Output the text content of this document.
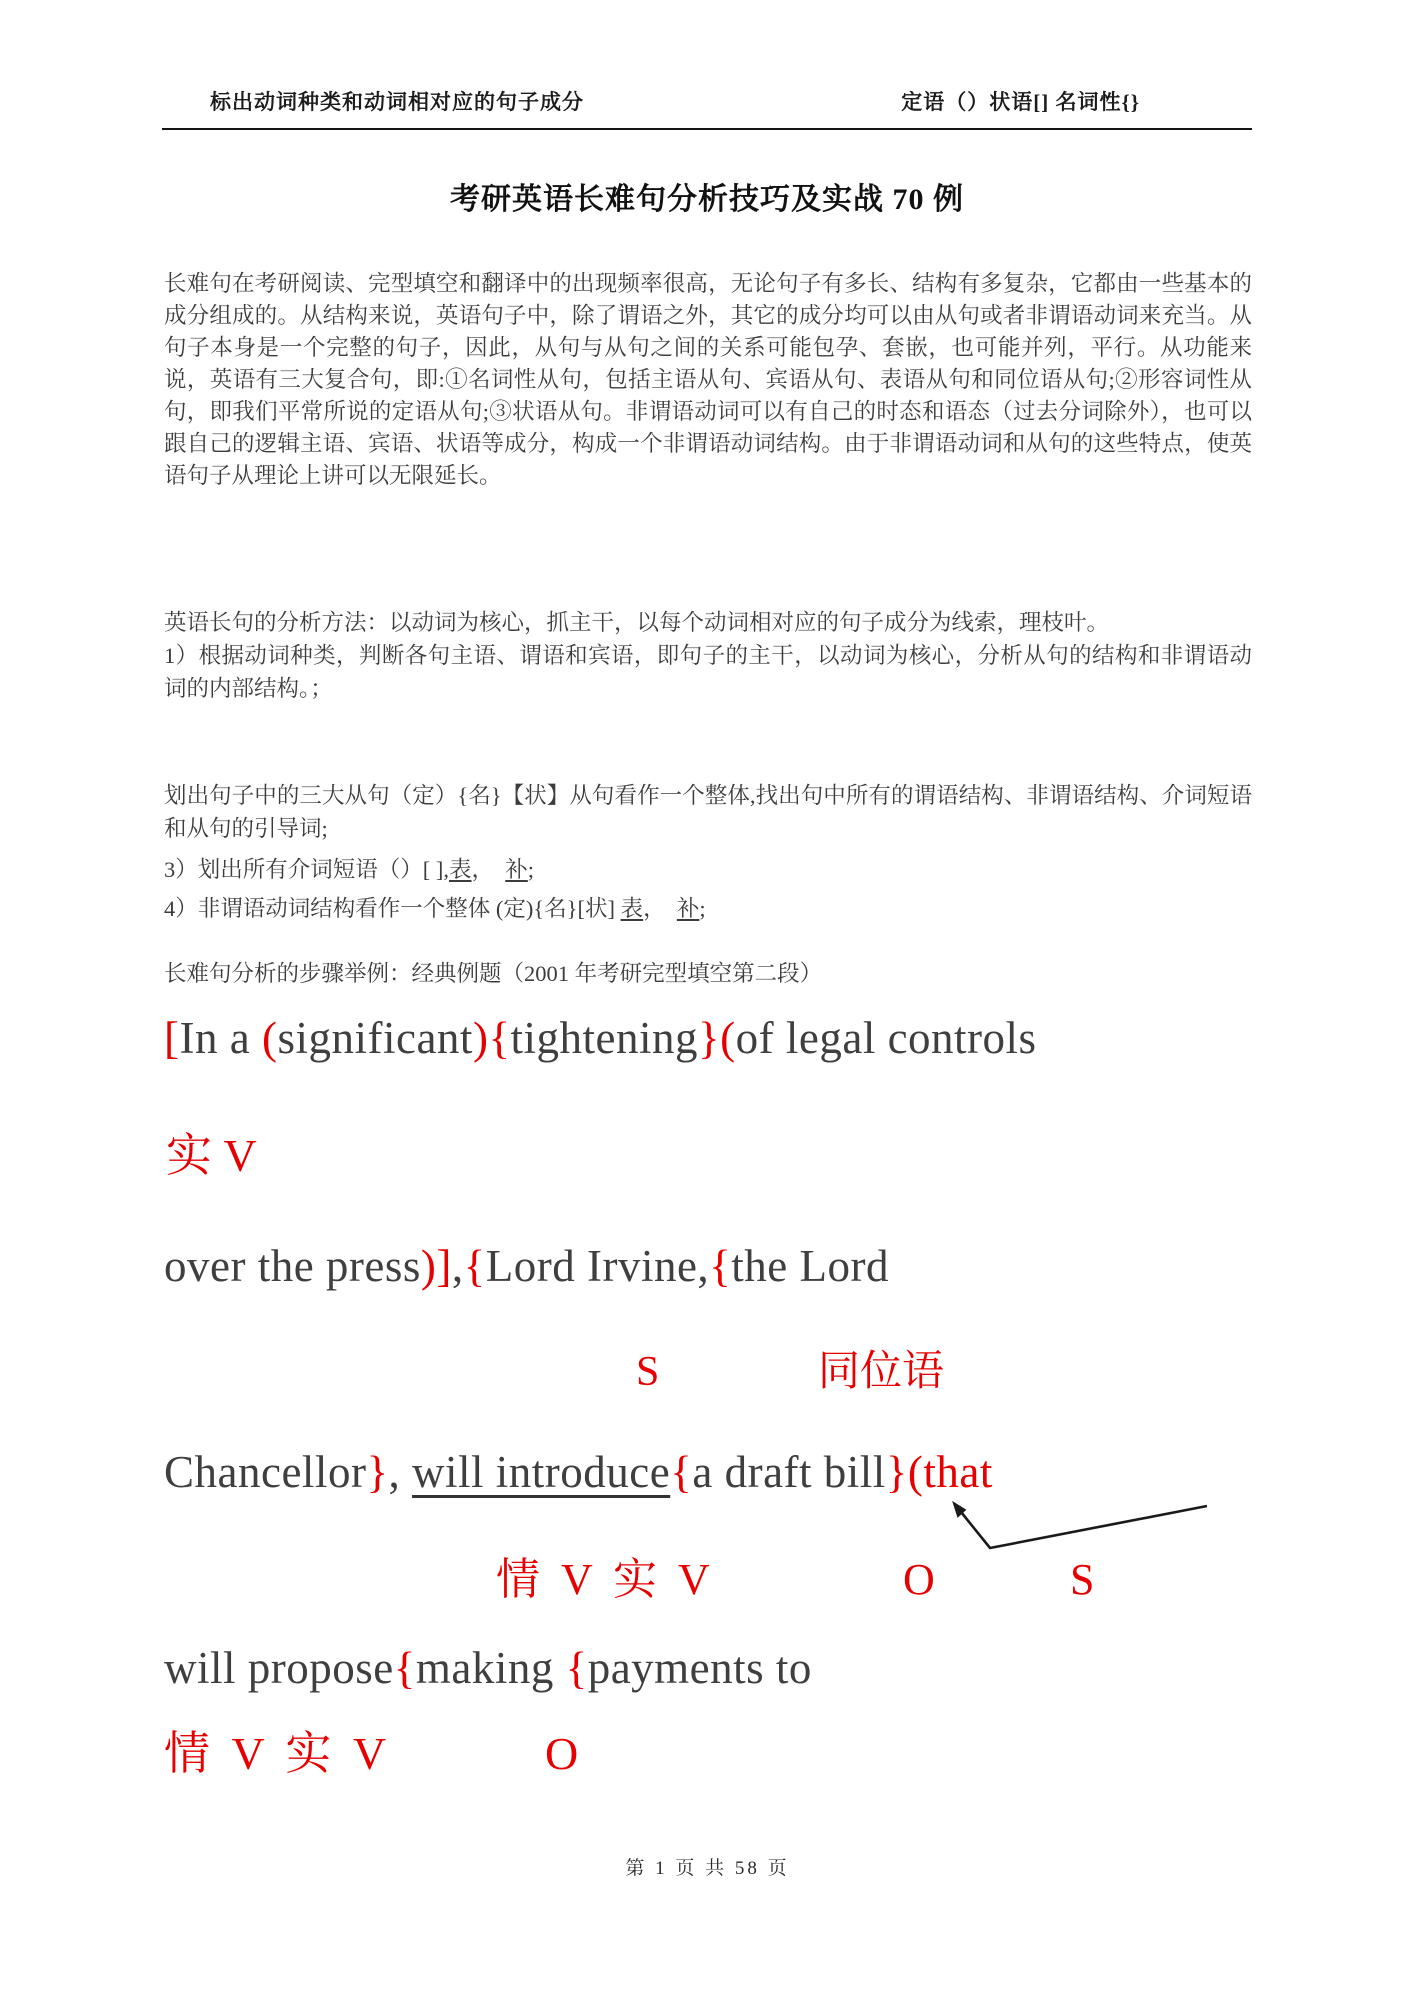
标出动词种类和动词相对应的句子成分	定语（）状语[] 名词性{}
考研英语长难句分析技巧及实战 70 例
长难句在考研阅读、完型填空和翻译中的出现频率很高，无论句子有多长、结构有多复杂，它都由一些基本的成分组成的。从结构来说，英语句子中，除了谓语之外，其它的成分均可以由从句或者非谓语动词来充当。从句子本身是一个完整的句子，因此，从句与从句之间的关系可能包孕、套嵌，也可能并列，平行。从功能来说，英语有三大复合句，即:①名词性从句，包括主语从句、宾语从句、表语从句和同位语从句;②形容词性从句，即我们平常所说的定语从句;③状语从句。非谓语动词可以有自己的时态和语态（过去分词除外），也可以跟自己的逻辑主语、宾语、状语等成分，构成一个非谓语动词结构。由于非谓语动词和从句的这些特点，使英语句子从理论上讲可以无限延长。

英语长句的分析方法：以动词为核心，抓主干，以每个动词相对应的句子成分为线索，理枝叶。

1）根据动词种类，判断各句主语、谓语和宾语，即句子的主干，以动词为核心，分析从句的结构和非谓语动词的内部结构。；

划出句子中的三大从句（定）{名}【状】从句看作一个整体,找出句中所有的谓语结构、非谓语结构、介词短语和从句的引导词;

3）划出所有介词短语（）[ ],表，　补;

4）非谓语动词结构看作一个整体 (定){名}[状] 表，　补;

长难句分析的步骤举例：经典例题（2001 年考研完型填空第二段）
[In a (significant){tightening}(of legal controls
实 V
over the press)],{Lord Irvine,{the Lord
S	同位语
Chancellor}, will introduce{a draft bill}(that
情 V 实 V	O	S
will propose{making {payments to
情 V 实 V	O
第 1 页 共 58 页
